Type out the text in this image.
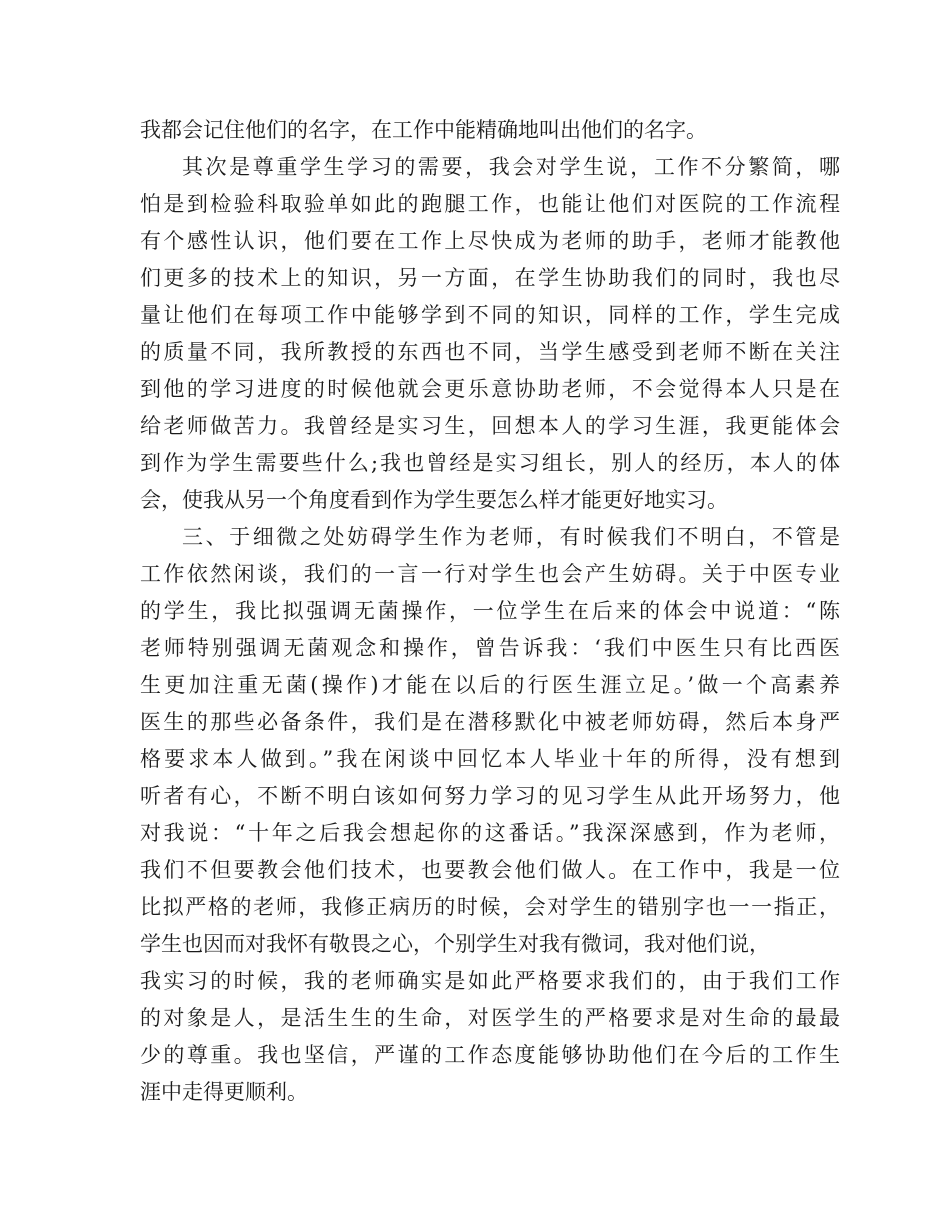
我都会记住他们的名字，在工作中能精确地叫出他们的名字。
其次是尊重学生学习的需要，我会对学生说，工作不分繁简，哪
怕是到检验科取验单如此的跑腿工作，也能让他们对医院的工作流程
有个感性认识，他们要在工作上尽快成为老师的助手，老师才能教他
们更多的技术上的知识，另一方面，在学生协助我们的同时，我也尽
量让他们在每项工作中能够学到不同的知识，同样的工作，学生完成
的质量不同，我所教授的东西也不同，当学生感受到老师不断在关注
到他的学习进度的时候他就会更乐意协助老师，不会觉得本人只是在
给老师做苦力。我曾经是实习生，回想本人的学习生涯，我更能体会
到作为学生需要些什么;我也曾经是实习组长，别人的经历，本人的体
会，使我从另一个角度看到作为学生要怎么样才能更好地实习。
三、于细微之处妨碍学生作为老师，有时候我们不明白，不管是
工作依然闲谈，我们的一言一行对学生也会产生妨碍。关于中医专业
的学生，我比拟强调无菌操作，一位学生在后来的体会中说道：“陈
老师特别强调无菌观念和操作，曾告诉我：‘我们中医生只有比西医
生更加注重无菌(操作)才能在以后的行医生涯立足。’做一个高素养
医生的那些必备条件，我们是在潜移默化中被老师妨碍，然后本身严
格要求本人做到。”我在闲谈中回忆本人毕业十年的所得，没有想到
听者有心，不断不明白该如何努力学习的见习学生从此开场努力，他
对我说：“十年之后我会想起你的这番话。”我深深感到，作为老师，
我们不但要教会他们技术，也要教会他们做人。在工作中，我是一位
比拟严格的老师，我修正病历的时候，会对学生的错别字也一一指正，
学生也因而对我怀有敬畏之心，个别学生对我有微词，我对他们说，
我实习的时候，我的老师确实是如此严格要求我们的，由于我们工作
的对象是人，是活生生的生命，对医学生的严格要求是对生命的最最
少的尊重。我也坚信，严谨的工作态度能够协助他们在今后的工作生
涯中走得更顺利。
